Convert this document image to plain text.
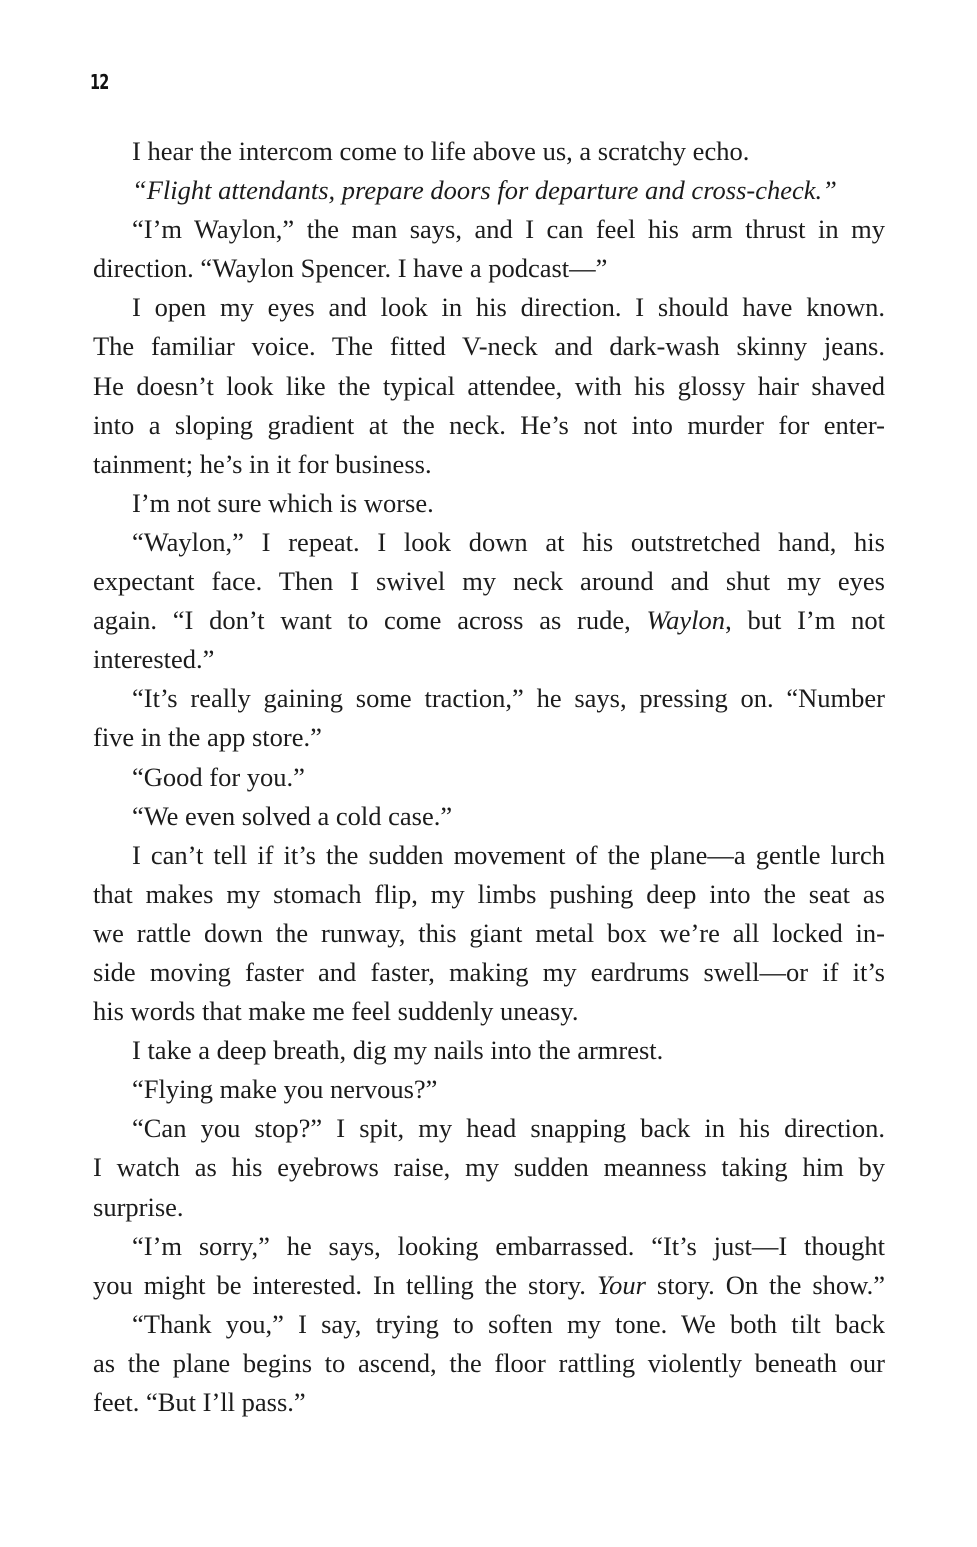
12
I hear the intercom come to life above us, a scratchy echo.
“Flight attendants, prepare doors for departure and cross-check.”
“I’m Waylon,” the man says, and I can feel his arm thrust in my
direction. “Waylon Spencer. I have a podcast—”
I open my eyes and look in his direction. I should have known.
The familiar voice. The fitted V-neck and dark-wash skinny jeans.
He doesn’t look like the typical attendee, with his glossy hair shaved
into a sloping gradient at the neck. He’s not into murder for enter-
tainment; he’s in it for business.
I’m not sure which is worse.
“Waylon,” I repeat. I look down at his outstretched hand, his
expectant face. Then I swivel my neck around and shut my eyes
again. “I don’t want to come across as rude, Waylon, but I’m not
interested.”
“It’s really gaining some traction,” he says, pressing on. “Number
five in the app store.”
“Good for you.”
“We even solved a cold case.”
I can’t tell if it’s the sudden movement of the plane—a gentle lurch
that makes my stomach flip, my limbs pushing deep into the seat as
we rattle down the runway, this giant metal box we’re all locked in-
side moving faster and faster, making my eardrums swell—or if it’s
his words that make me feel suddenly uneasy.
I take a deep breath, dig my nails into the armrest.
“Flying make you nervous?”
“Can you stop?” I spit, my head snapping back in his direction.
I watch as his eyebrows raise, my sudden meanness taking him by
surprise.
“I’m sorry,” he says, looking embarrassed. “It’s just—I thought
you might be interested. In telling the story. Your story. On the show.”
“Thank you,” I say, trying to soften my tone. We both tilt back
as the plane begins to ascend, the floor rattling violently beneath our
feet. “But I’ll pass.”
